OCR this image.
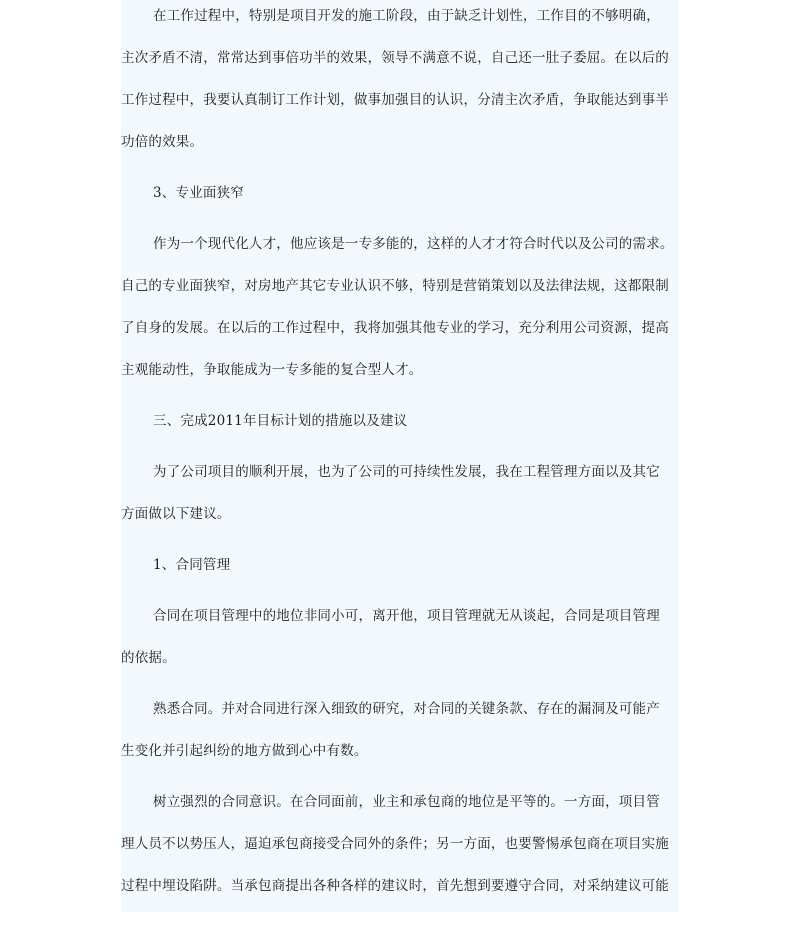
在工作过程中，特别是项目开发的施工阶段，由于缺乏计划性，工作目的不够明确，
主次矛盾不清，常常达到事倍功半的效果，领导不满意不说，自己还一肚子委屈。在以后的
工作过程中，我要认真制订工作计划，做事加强目的认识，分清主次矛盾，争取能达到事半
功倍的效果。

3、专业面狭窄

作为一个现代化人才，他应该是一专多能的，这样的人才才符合时代以及公司的需求。
自己的专业面狭窄，对房地产其它专业认识不够，特别是营销策划以及法律法规，这都限制
了自身的发展。在以后的工作过程中，我将加强其他专业的学习，充分利用公司资源，提高
主观能动性，争取能成为一专多能的复合型人才。

三、完成2011年目标计划的措施以及建议

为了公司项目的顺利开展，也为了公司的可持续性发展，我在工程管理方面以及其它
方面做以下建议。

1、合同管理

合同在项目管理中的地位非同小可，离开他，项目管理就无从谈起，合同是项目管理
的依据。

熟悉合同。并对合同进行深入细致的研究，对合同的关键条款、存在的漏洞及可能产
生变化并引起纠纷的地方做到心中有数。

树立强烈的合同意识。在合同面前，业主和承包商的地位是平等的。一方面，项目管
理人员不以势压人，逼迫承包商接受合同外的条件；另一方面，也要警惕承包商在项目实施
过程中埋设陷阱。当承包商提出各种各样的建议时，首先想到要遵守合同，对采纳建议可能
